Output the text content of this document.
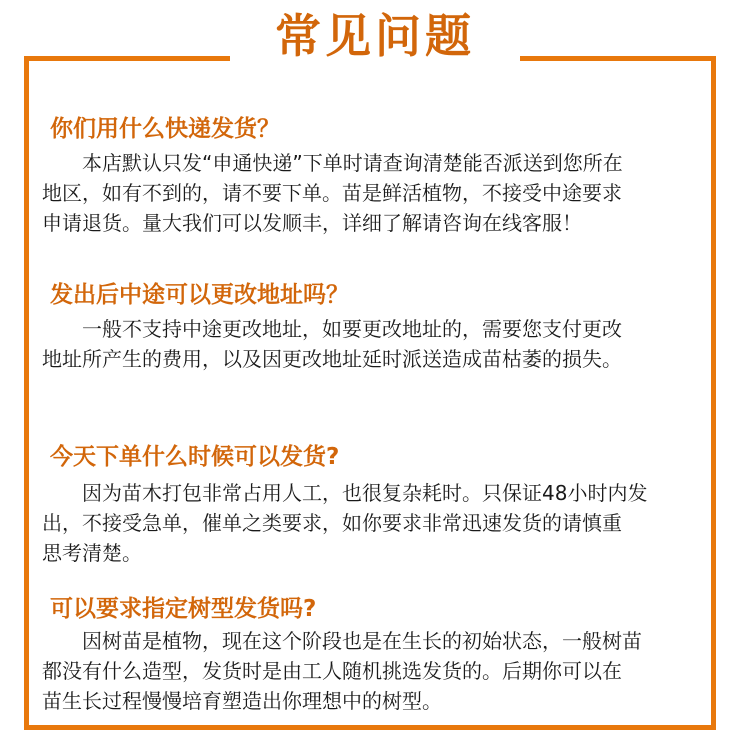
常见问题

你们用什么快递发货？

　　本店默认只发“申通快递”下单时请查询清楚能否派送到您所在

地区，如有不到的，请不要下单。苗是鲜活植物，不接受中途要求

申请退货。量大我们可以发顺丰，详细了解请咨询在线客服！

发出后中途可以更改地址吗？

　　一般不支持中途更改地址，如要更改地址的，需要您支付更改

地址所产生的费用，以及因更改地址延时派送造成苗枯萎的损失。

今天下单什么时候可以发货?

　　因为苗木打包非常占用人工，也很复杂耗时。只保证48小时内发

出，不接受急单，催单之类要求，如你要求非常迅速发货的请慎重

思考清楚。

可以要求指定树型发货吗?

　　因树苗是植物，现在这个阶段也是在生长的初始状态，一般树苗

都没有什么造型，发货时是由工人随机挑选发货的。后期你可以在

苗生长过程慢慢培育塑造出你理想中的树型。
